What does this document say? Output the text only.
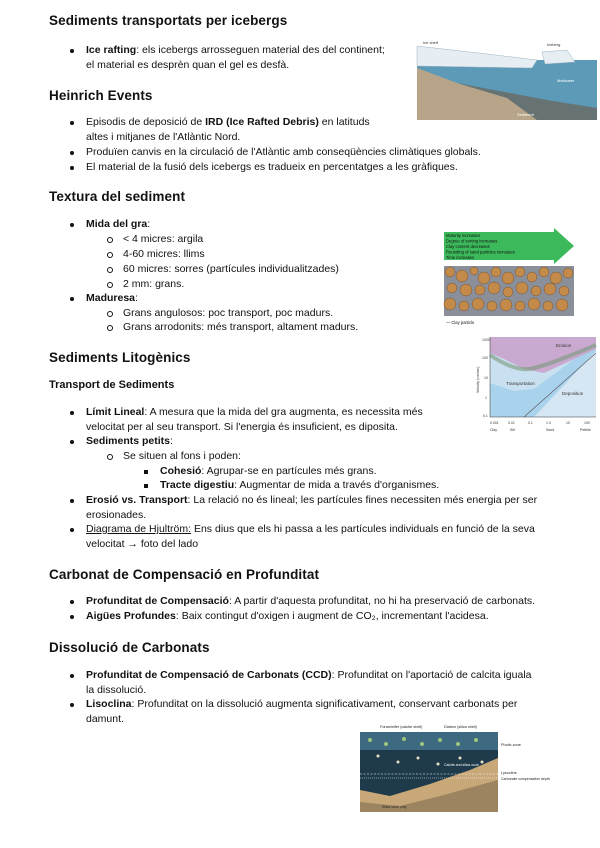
Sediments transportats per icebergs
Ice rafting: els icebergs arrosseguen material des del continent;
el material es desprèn quan el gel es desfà.
Ice shelf	Iceberg
Meltwater
Sediment
Heinrich Events
Episodis de deposició de IRD (Ice Rafted Debris) en latituds
altes i mitjanes de l'Atlàntic Nord.
Produïen canvis en la circulació de l'Atlàntic amb conseqüències climàtiques globals.
El material de la fusió dels icebergs es tradueix en percentatges a les gràfiques.
Textura del sediment
Mida del gra:
< 4 micres: argila
4-60 micres: llims
60 micres: sorres (partícules individualitzades)
2 mm: grans.
Maduresa:
Grans angulosos: poc transport, poc madurs.
Grans arrodonits: més transport, altament madurs.
Maturity increases
Degree of sorting increases
Clay content decreases
Rounding of sand particles increases
Time increases
— Clay particle
Sediments Litogènics
Transport de Sediments
Límit Lineal: A mesura que la mida del gra augmenta, es necessita més
velocitat per al seu transport. Si l'energia és insuficient, es diposita.
Sediments petits:
Se situen al fons i poden:
Cohesió: Agrupar-se en partícules més grans.
Tracte digestiu: Augmentar de mida a través d'organismes.
Erosió vs. Transport: La relació no és lineal; les partícules fines necessiten més energia per ser
erosionades.
Diagrama de Hjultröm: Ens dius que els hi passa a les partícules individuals en funció de la seva
velocitat → foto del lado
Erosion
Transportation
Deposition
Velocity (cm/sec)
1000
100
10
1
0.1
0.001	0.01	0.1	1.0	10	100
Clay	Silt	Sand	Pebble
Carbonat de Compensació en Profunditat
Profunditat de Compensació: A partir d'aquesta profunditat, no hi ha preservació de carbonats.
Aigües Profundes: Baix contingut d'oxigen i augment de CO₂, incrementant l'acidesa.
Dissolució de Carbonats
Profunditat de Compensació de Carbonats (CCD): Profunditat on l'aportació de calcita iguala
la dissolució.
Lisoclina: Profunditat on la dissolució augmenta significativament, conservant carbonats per
damunt.
Foraminifer (calcite shell)	Diatom (silica shell)
Photic zone
Lysocline
Carbonate compensation depth
Calcite and silica ooze
Silica ooze only
